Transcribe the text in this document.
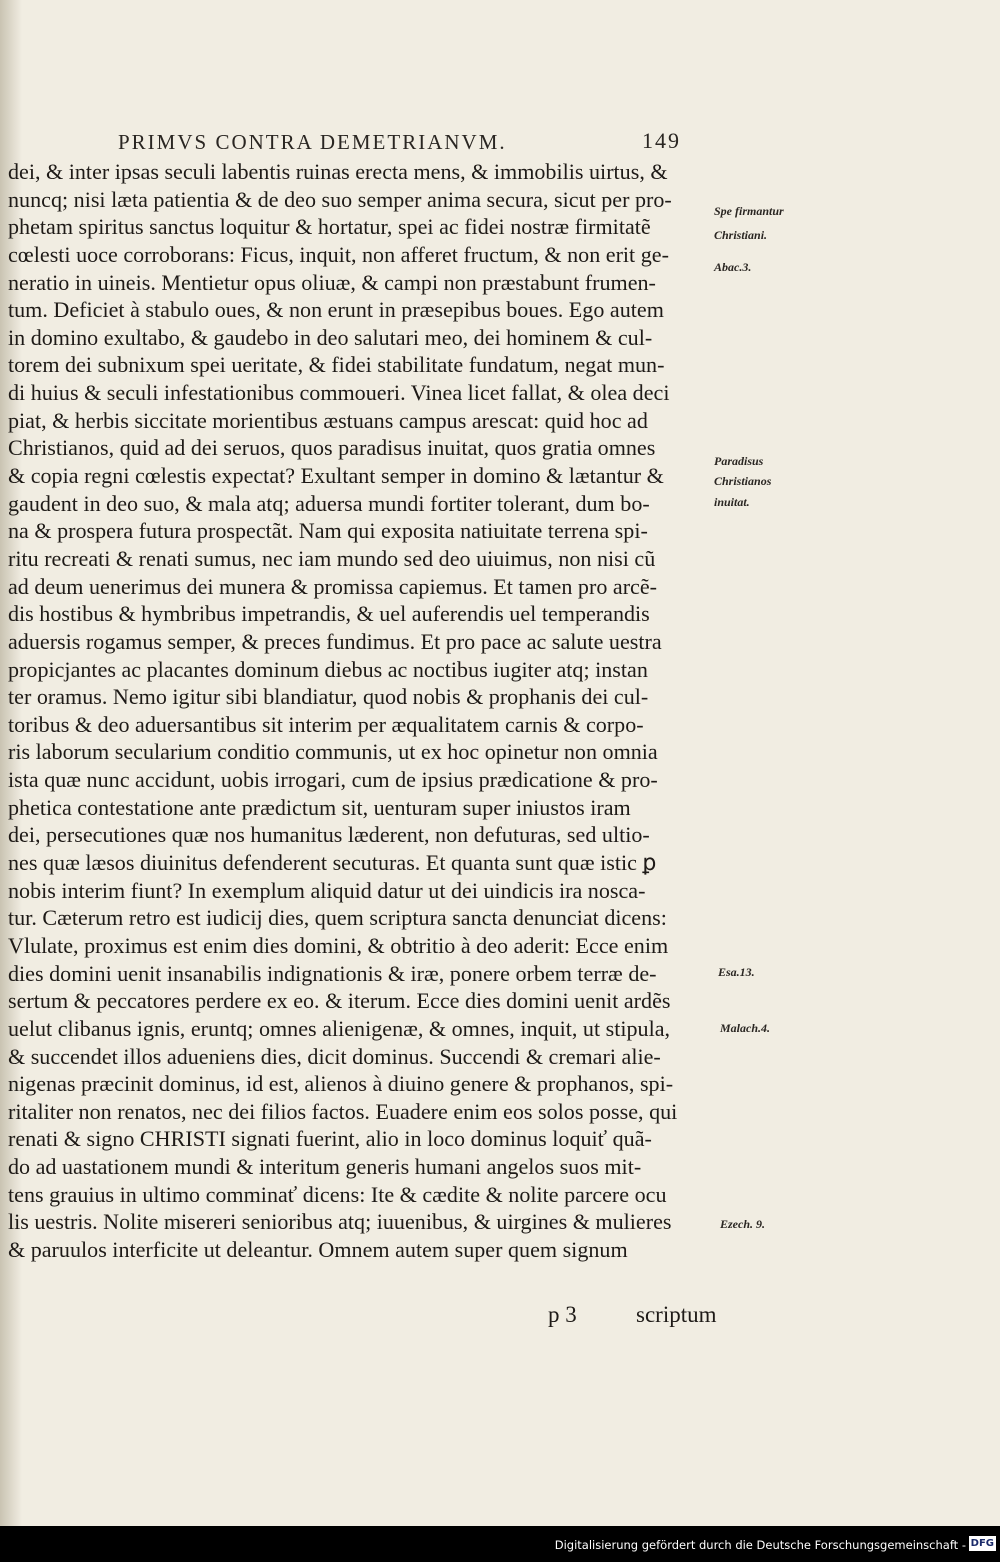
PRIMVS CONTRA DEMETRIANVM.	149
dei, & inter ipsas seculi labentis ruinas erecta mens, & immobilis uirtus, &
nuncq; nisi læta patientia & de deo suo semper anima secura, sicut per pro-
phetam spiritus sanctus loquitur & hortatur, spei ac fidei nostræ firmitatẽ
cœlesti uoce corroborans: Ficus, inquit, non afferet fructum, & non erit ge-
neratio in uineis. Mentietur opus oliuæ, & campi non præstabunt frumen-
tum. Deficiet à stabulo oues, & non erunt in præsepibus boues. Ego autem
in domino exultabo, & gaudebo in deo salutari meo, dei hominem & cul-
torem dei subnixum spei ueritate, & fidei stabilitate fundatum, negat mun-
di huius & seculi infestationibus commoueri. Vinea licet fallat, & olea deci
piat, & herbis siccitate morientibus æstuans campus arescat: quid hoc ad
Christianos, quid ad dei seruos, quos paradisus inuitat, quos gratia omnes
& copia regni cœlestis expectat? Exultant semper in domino & lætantur &
gaudent in deo suo, & mala atq; aduersa mundi fortiter tolerant, dum bo-
na & prospera futura prospectãt. Nam qui exposita natiuitate terrena spi-
ritu recreati & renati sumus, nec iam mundo sed deo uiuimus, non nisi cũ
ad deum uenerimus dei munera & promissa capiemus. Et tamen pro arcẽ-
dis hostibus & hymbribus impetrandis, & uel auferendis uel temperandis
aduersis rogamus semper, & preces fundimus. Et pro pace ac salute uestra
propicjantes ac placantes dominum diebus ac noctibus iugiter atq; instan
ter oramus. Nemo igitur sibi blandiatur, quod nobis & prophanis dei cul-
toribus & deo aduersantibus sit interim per æqualitatem carnis & corpo-
ris laborum secularium conditio communis, ut ex hoc opinetur non omnia
ista quæ nunc accidunt, uobis irrogari, cum de ipsius prædicatione & pro-
phetica contestatione ante prædictum sit, uenturam super iniustos iram
dei, persecutiones quæ nos humanitus læderent, non defuturas, sed ultio-
nes quæ læsos diuinitus defenderent secuturas. Et quanta sunt quæ istic ꝑ
nobis interim fiunt? In exemplum aliquid datur ut dei uindicis ira nosca-
tur. Cæterum retro est iudicij dies, quem scriptura sancta denunciat dicens:
Vlulate, proximus est enim dies domini, & obtritio à deo aderit: Ecce enim
dies domini uenit insanabilis indignationis & iræ, ponere orbem terræ de-
sertum & peccatores perdere ex eo. & iterum. Ecce dies domini uenit ardẽs
uelut clibanus ignis, eruntq; omnes alienigenæ, & omnes, inquit, ut stipula,
& succendet illos adueniens dies, dicit dominus. Succendi & cremari alie-
nigenas præcinit dominus, id est, alienos à diuino genere & prophanos, spi-
ritaliter non renatos, nec dei filios factos. Euadere enim eos solos posse, qui
renati & signo CHRISTI signati fuerint, alio in loco dominus loquiť quã-
do ad uastationem mundi & interitum generis humani angelos suos mit-
tens grauius in ultimo comminať dicens: Ite & cædite & nolite parcere ocu
lis uestris. Nolite misereri senioribus atq; iuuenibus, & uirgines & mulieres
& paruulos interficite ut deleantur. Omnem autem super quem signum
Spe firmantur
Christiani.
Abac.3.
Paradisus
Christianos
inuitat.
Esa.13.
Malach.4.
Ezech. 9.
p 3	scriptum
Digitalisierung gefördert durch die Deutsche Forschungsgemeinschaft - DFG
